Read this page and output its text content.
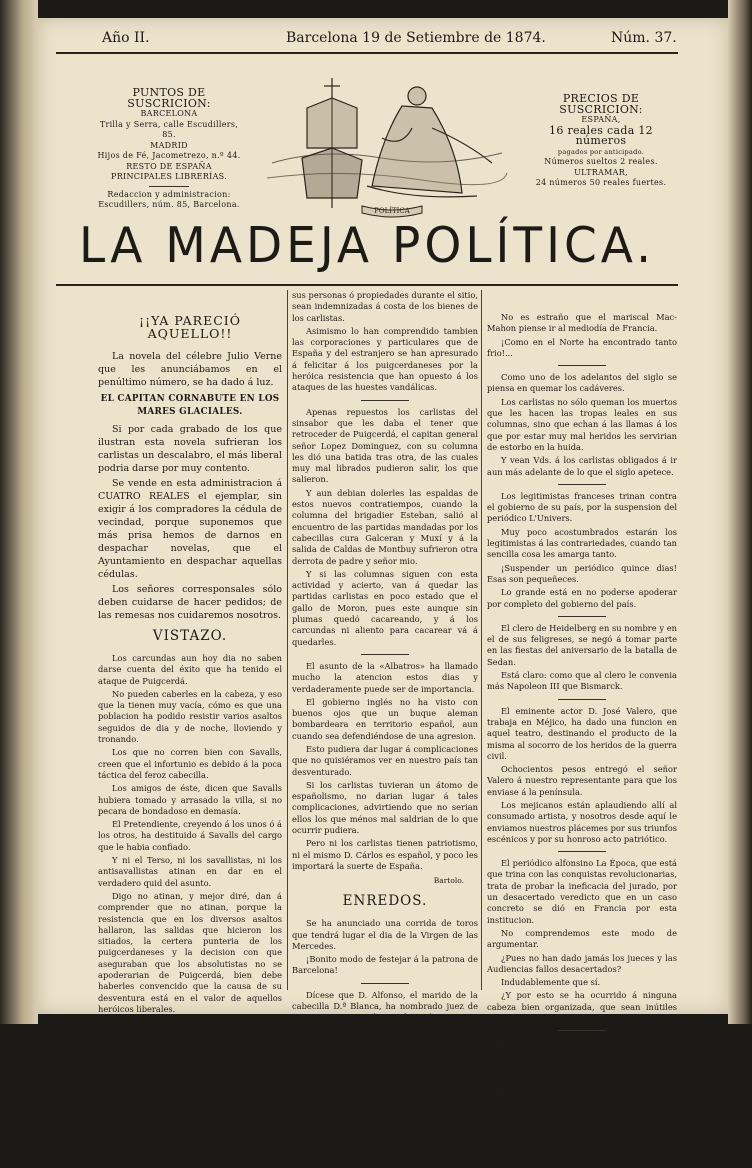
Año II.	Barcelona 19 de Setiembre de 1874.	Núm. 37.
PUNTOS DE SUSCRICION:
BARCELONA
Trilla y Serra, calle Escudillers, 85.
MADRID
Hijos de Fé, Jacometrezo, n.º 44.
RESTO DE ESPAÑA
PRINCIPALES LIBRERÍAS.
Redaccion y administracion:
Escudillers, núm. 85, Barcelona.
PRECIOS DE SUSCRICION:
ESPAÑA,
16 reales cada 12 números
pagados por anticipado.
Números sueltos 2 reales.
ULTRAMAR,
24 números 50 reales fuertes.
POLÍTICA
LA MADEJA POLÍTICA.
¡¡YA PARECIÓ AQUELLO!!

La novela del célebre Julio Verne que les anunciábamos en el penúltimo número, se ha dado á luz.

EL CAPITAN CORNABUTE EN LOS MARES GLACIALES.

Si por cada grabado de los que ilustran esta novela sufrieran los carlistas un descalabro, el más liberal podria darse por muy contento.

Se vende en esta administracion á CUATRO REALES el ejemplar, sin exigir á los compradores la cédula de vecindad, porque suponemos que más prisa hemos de darnos en despachar novelas, que el Ayuntamiento en despachar aquellas cédulas.

Los señores corresponsales sólo deben cuidarse de hacer pedidos; de las remesas nos cuidaremos nosotros.

VISTAZO.

Los carcundas aun hoy dia no saben darse cuenta del éxito que ha tenido el ataque de Puigcerdá.

No pueden caberles en la cabeza, y eso que la tienen muy vacía, cómo es que una poblacion ha podido resistir varios asaltos seguidos de dia y de noche, lloviendo y tronando.

Los que no corren bien con Savalls, creen que el infortunio es debido á la poca táctica del feroz cabecilla.

Los amigos de éste, dicen que Savalls hubiera tomado y arrasado la villa, si no pecara de bondadoso en demasía.

El Pretendiente, creyendo á los unos ó á los otros, ha destituido á Savalls del cargo que le habia confiado.

Y ni el Terso, ni los savallistas, ni los antisavallistas atinan en dar en el verdadero quid del asunto.

Digo no atinan, y mejor diré, dan á comprender que no atinan, porque la resistencia que en los diversos asaltos hallaron, las salidas que hicieron los sitiados, la certera punteria de los puigcerdaneses y la decision con que aseguraban que los absolutistas no se apoderarian de Puigcerdá, bien debe haberles convencido que la causa de su desventura está en el valor de aquellos heróicos liberales.

Así el gobierno lo ha comprendido, y ha decretado que Puigcerdá agregue á sus honrosos timbres, el título de siempre invicta; que se cree una medalla conmemorativa del último sitio; que las fortificaciones de la poblacion se construyan á expensas del Estado, y que las familias liberales que hayan sufrido daño en

sus personas ó propiedades durante el sitio, sean indemnizadas á costa de los bienes de los carlistas.

Asimismo lo han comprendido tambien las corporaciones y particulares que de España y del estranjero se han apresurado á felicitar á los puigcerdaneses por la heróica resistencia que han opuesto á los ataques de las huestes vandálicas.

Apenas repuestos los carlistas del sinsabor que les daba el tener que retroceder de Puigcerdá, el capitan general señor Lopez Dominguez, con su columna les dió una batida tras otra, de las cuales muy mal librados pudieron salir, los que salieron.

Y aun debian dolerles las espaldas de estos nuevos contratiempos, cuando la columna del brigadier Esteban, salió al encuentro de las partidas mandadas por los cabecillas cura Galceran y Muxí y á la salida de Caldas de Montbuy sufrieron otra derrota de padre y señor mio.

Y si las columnas siguen con esta actividad y acierto, van á quedar las partidas carlistas en poco estado que el gallo de Moron, pues este aunque sin plumas quedó cacareando, y á los carcundas ni aliento para cacarear vá á quedarles.

El asunto de la «Albatros» ha llamado mucho la atencion estos dias y verdaderamente puede ser de importancia.

El gobierno inglés no ha visto con buenos ojos que un buque aleman bombardeara en territorio español, aun cuando sea defendiéndose de una agresion.

Esto pudiera dar lugar á complicaciones que no quisiéramos ver en nuestro país tan desventurado.

Si los carlistas tuvieran un átomo de españolismo, no darian lugar á tales complicaciones, advirtiendo que no serian ellos los que ménos mal saldrian de lo que ocurrir pudiera.

Pero ni los carlistas tienen patriotismo, ni el mismo D. Cárlos es español, y poco les importará la suerte de España.

Bartolo.
ENREDOS.

Se ha anunciado una corrida de toros que tendrá lugar el dia de la Virgen de las Mercedes.

¡Bonito modo de festejar á la patrona de Barcelona!

Dícese que D. Alfonso, el marido de la cabecilla D.ª Blanca, ha nombrado juez de primera instancia de Gandesa, á D. Ramon Quinzá, que habia sido juez municipal de Tortosa.

Si el señor Quinzá quiere cumplir con su obligacion, mucho trabajo tendrá en seguir causas criminales por asesinatos, incendios, robos y otras fechorias cometidas por carcundas.

No es estraño que el mariscal Mac-Mahon piense ir al mediodía de Francia.

¡Como en el Norte ha encontrado tanto frio!...

Como uno de los adelantos del siglo se piensa en quemar los cadáveres.

Los carlistas no sólo queman los muertos que les hacen las tropas leales en sus columnas, sino que echan á las llamas á los que por estar muy mal heridos les servirian de estorbo en la huida.

Y vean Vds. á los carlistas obligados á ir aun más adelante de lo que el siglo apetece.

Los legitimistas franceses trinan contra el gobierno de su país, por la suspension del periódico L'Univers.

Muy poco acostumbrados estarán los legitimistas á las contrariedades, cuando tan sencilla cosa les amarga tanto.

¡Suspender un periódico quince dias! Esas son pequeñeces.

Lo grande está en no poderse apoderar por completo del gobierno del país.

El clero de Heidelberg en su nombre y en el de sus feligreses, se negó á tomar parte en las fiestas del aniversario de la batalla de Sedan.

Está claro: como que al clero le convenia más Napoleon III que Bismarck.

El eminente actor D. José Valero, que trabaja en Méjico, ha dado una funcion en aquel teatro, destinando el producto de la misma al socorro de los heridos de la guerra civil.

Ochocientos pesos entregó el señor Valero á nuestro representante para que los enviase á la península.

Los mejicanos están aplaudiendo allí al consumado artista, y nosotros desde aquí le enviamos nuestros plácemes por sus triunfos escénicos y por su honroso acto patriótico.

El periódico alfonsino La Época, que está que trina con las conquistas revolucionarias, trata de probar la ineficacia del jurado, por un desacertado veredicto que en un caso concreto se dió en Francia por esta institucion.

No comprendemos este modo de argumentar.

¿Pues no han dado jamás los jueces y las Audiencias fallos desacertados?

Indudablemente que sí.

¿Y por esto se ha ocurrido á ninguna cabeza bien organizada, que sean inútiles los juzgados y las Audiencias?

El asistente que fué del cabecilla Ollo, hecho prisionero en Calahorra por Pecula, ha sido fusilado en Estella por sus antiguos compañeros.

Fué sujetado á un consejo de guerra, y fusilado por desertor y ladron.

Si por ladrones fusilan los carlistas á sus compañeros de armas, ya pueden andar á tiros unos contra otros, que aun cuando mueran todos, tienen la muerte bien merecida.
